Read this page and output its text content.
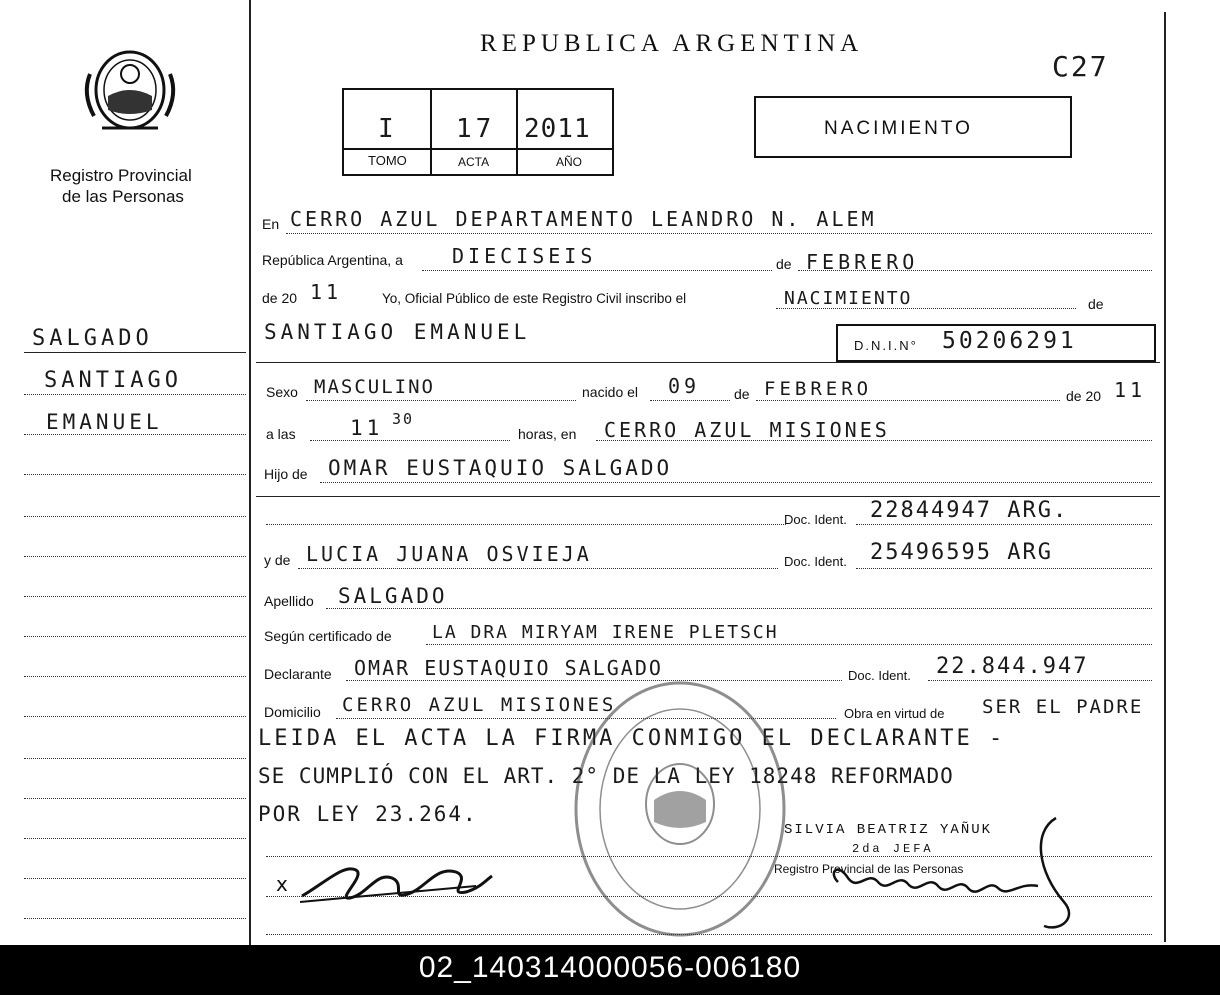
Registro Provincial
de las Personas
SALGADO
SANTIAGO
EMANUEL
REPUBLICA ARGENTINA
C27
I 17 2011
TOMO	ACTA	AÑO
NACIMIENTO
En CERRO AZUL DEPARTAMENTO LEANDRO N. ALEM
República Argentina, a DIECISEIS	de FEBRERO
de 20 11	Yo, Oficial Público de este Registro Civil inscribo el	NACIMIENTO	de
SANTIAGO EMANUEL
D.N.I.N° 50206291
Sexo MASCULINO	nacido el 09 de FEBRERO	de 20 11
a las	11 30
horas, en CERRO AZUL MISIONES
Hijo de OMAR EUSTAQUIO SALGADO
Doc. Ident. 22844947 ARG.
y de LUCIA JUANA OSVIEJA	Doc. Ident. 25496595 ARG
Apellido SALGADO
Según certificado de LA DRA MIRYAM IRENE PLETSCH
Declarante OMAR EUSTAQUIO SALGADO	Doc. Ident. 22.844.947
Domicilio CERRO AZUL MISIONES	Obra en virtud de SER EL PADRE
LEIDA EL ACTA LA FIRMA CONMIGO EL DECLARANTE -
SE CUMPLIÓ CON EL ART. 2° DE LA LEY 18248 REFORMADO
POR LEY 23.264.
x
SILVIA BEATRIZ YAÑUK
2da JEFA
Registro Provincial de las Personas
02_140314000056-006180
